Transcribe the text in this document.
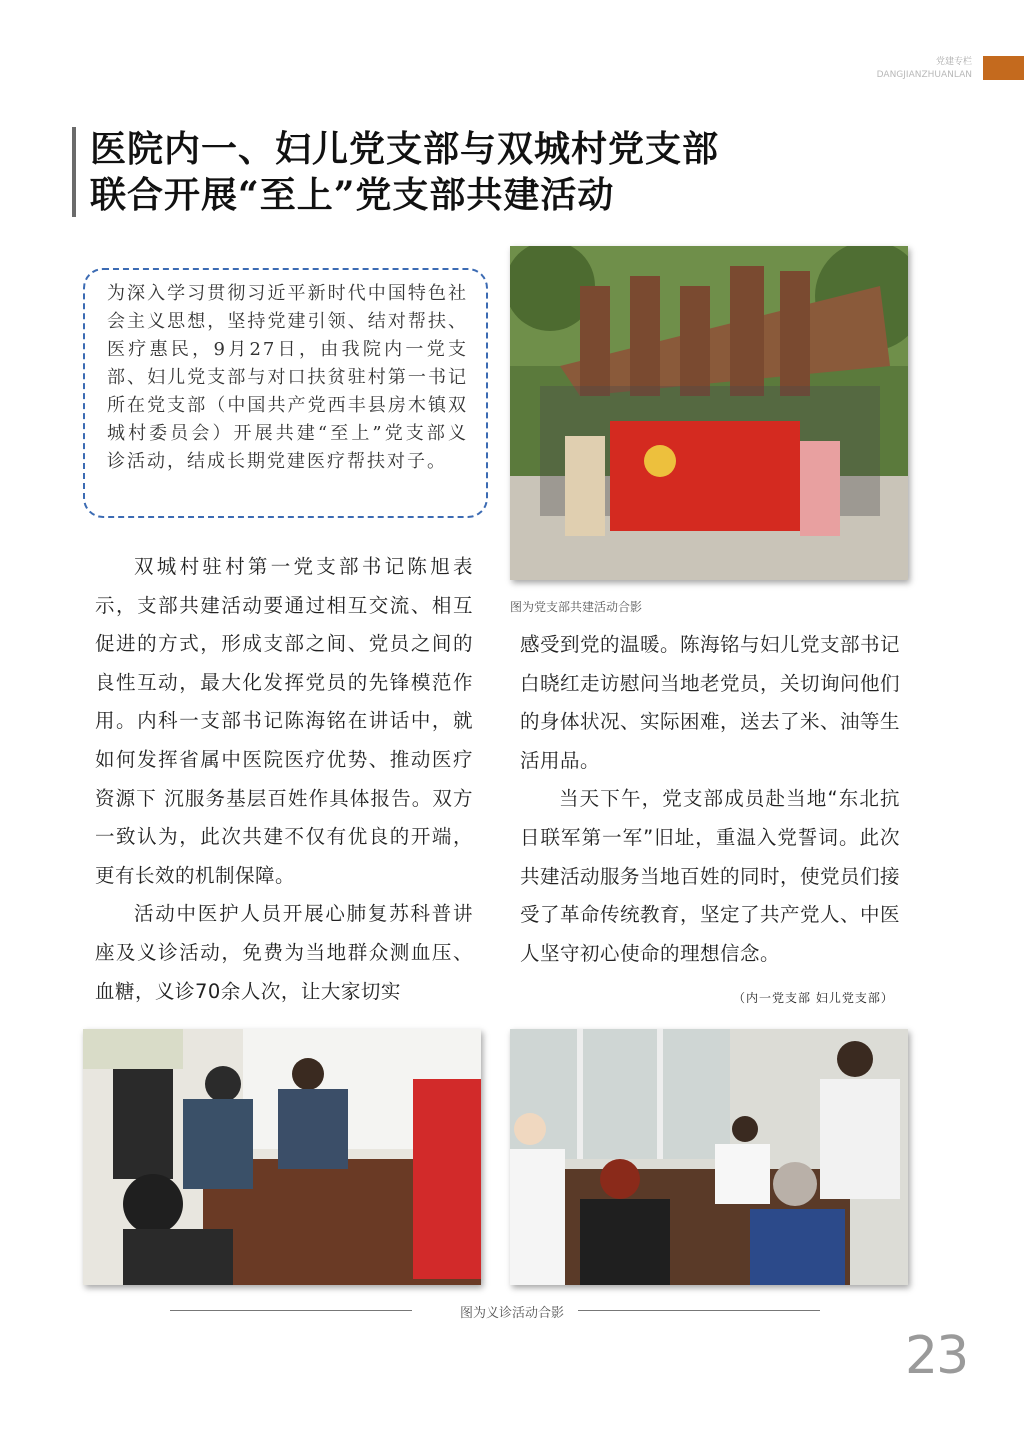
党建专栏
DANGJIANZHUANLAN
医院内一、妇儿党支部与双城村党支部
联合开展“至上”党支部共建活动

为深入学习贯彻习近平新时代中国特色社会主义思想，坚持党建引领、结对帮扶、医疗惠民，9月27日，由我院内一党支部、妇儿党支部与对口扶贫驻村第一书记所在党支部（中国共产党西丰县房木镇双城村委员会）开展共建“至上”党支部义诊活动，结成长期党建医疗帮扶对子。

图为党支部共建活动合影

双城村驻村第一党支部书记陈旭表示，支部共建活动要通过相互交流、相互促进的方式，形成支部之间、党员之间的良性互动，最大化发挥党员的先锋模范作用。内科一支部书记陈海铭在讲话中，就如何发挥省属中医院医疗优势、推动医疗资源下 沉服务基层百姓作具体报告。双方一致认为，此次共建不仅有优良的开端，更有长效的机制保障。

活动中医护人员开展心肺复苏科普讲座及义诊活动，免费为当地群众测血压、血糖，义诊70余人次，让大家切实

感受到党的温暖。陈海铭与妇儿党支部书记白晓红走访慰问当地老党员，关切询问他们的身体状况、实际困难，送去了米、油等生活用品。

当天下午，党支部成员赴当地“东北抗日联军第一军”旧址，重温入党誓词。此次共建活动服务当地百姓的同时，使党员们接受了革命传统教育，坚定了共产党人、中医人坚守初心使命的理想信念。

（内一党支部 妇儿党支部）
图为义诊活动合影
23
